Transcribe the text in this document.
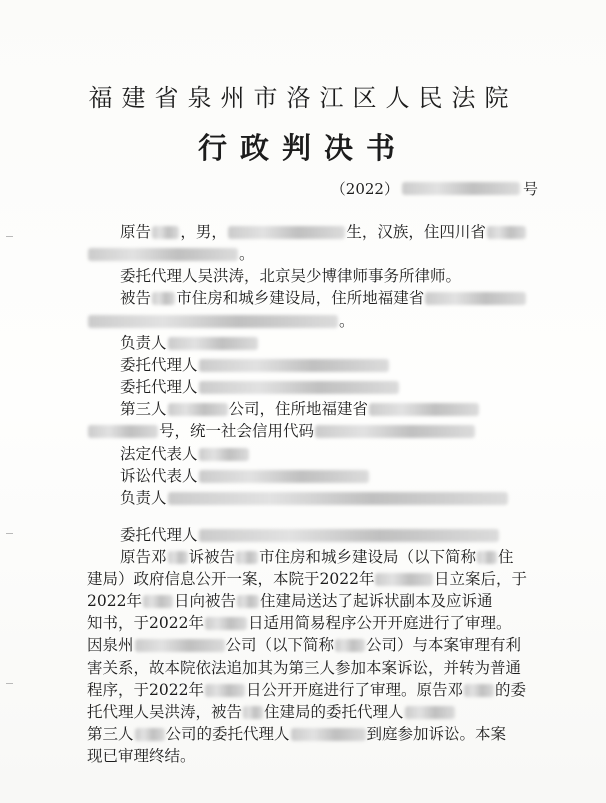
福建省泉州市洛江区人民法院
行政判决书
（2022）	号
原告 ，男，	生，汉族，住四川省
。
委托代理人吴洪涛，北京吴少博律师事务所律师。
被告 市住房和城乡建设局，住所地福建省
。
负责人
委托代理人
委托代理人
第三人	公司，住所地福建省
号，统一社会信用代码
法定代表人
诉讼代表人
负责人
委托代理人
原告邓 诉被告 市住房和城乡建设局（以下简称 住
建局）政府信息公开一案，本院于2022年	日立案后，于
2022年 日向被告 住建局送达了起诉状副本及应诉通
知书，于2022年	日适用简易程序公开开庭进行了审理。
因泉州	公司（以下简称 公司）与本案审理有利
害关系，故本院依法追加其为第三人参加本案诉讼，并转为普通
程序，于2022年	日公开开庭进行了审理。原告邓 的委
托代理人吴洪涛，被告 住建局的委托代理人
第三人 公司的委托代理人	到庭参加诉讼。本案
现已审理终结。
